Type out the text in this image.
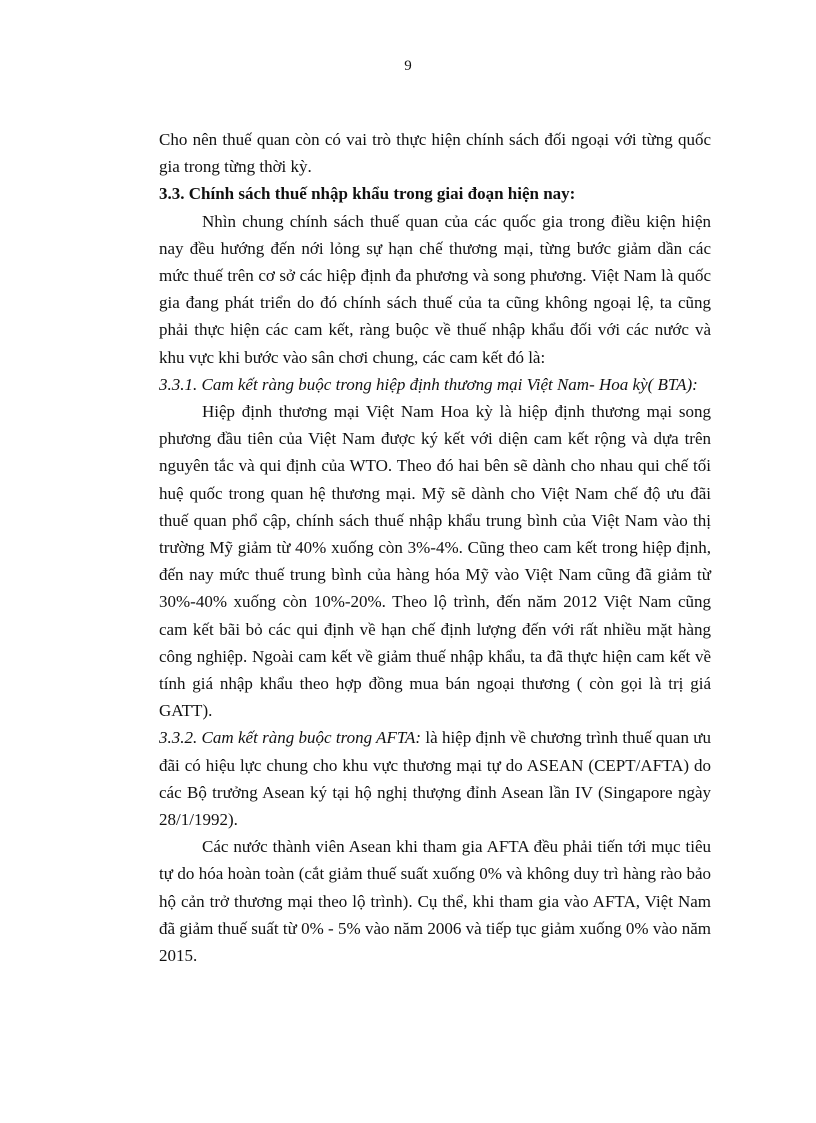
9

Cho nên thuế quan còn có vai trò thực hiện chính sách đối ngoại với từng quốc gia trong từng thời kỳ.

3.3. Chính sách thuế nhập khẩu trong giai đoạn hiện nay:

Nhìn chung chính sách thuế quan của các quốc gia trong điều kiện hiện nay đều hướng đến nới lỏng sự hạn chế thương mại, từng bước giảm dần các mức thuế trên cơ sở các hiệp định đa phương và song phương. Việt Nam là quốc gia đang phát triển do đó chính sách thuế của ta cũng không ngoại lệ, ta cũng phải thực hiện các cam kết, ràng buộc về thuế nhập khẩu đối với các nước và khu vực khi bước vào sân chơi chung, các cam kết đó là:

3.3.1. Cam kết ràng buộc trong hiệp định thương mại Việt Nam- Hoa kỳ( BTA):

Hiệp định thương mại Việt Nam Hoa kỳ là hiệp định thương mại song phương đầu tiên của Việt Nam được ký kết với diện cam kết rộng và dựa trên nguyên tắc và qui định của WTO. Theo đó hai bên sẽ dành cho nhau qui chế tối huệ quốc trong quan hệ thương mại. Mỹ sẽ dành cho Việt Nam chế độ ưu đãi thuế quan phổ cập, chính sách thuế nhập khẩu trung bình của Việt Nam vào thị trường Mỹ giảm từ 40% xuống còn 3%-4%. Cũng theo cam kết trong hiệp định, đến nay mức thuế trung bình của hàng hóa Mỹ vào Việt Nam cũng đã giảm từ 30%-40% xuống còn 10%-20%. Theo lộ trình, đến năm 2012 Việt Nam cũng cam kết bãi bỏ các qui định về hạn chế định lượng đến với rất nhiều mặt hàng công nghiệp. Ngoài cam kết về giảm thuế nhập khẩu, ta đã thực hiện cam kết về tính giá nhập khẩu theo hợp đồng mua bán ngoại thương ( còn gọi là trị giá GATT).

3.3.2. Cam kết ràng buộc trong AFTA: là hiệp định về chương trình thuế quan ưu đãi có hiệu lực chung cho khu vực thương mại tự do ASEAN (CEPT/AFTA) do các Bộ trưởng Asean ký tại hộ nghị thượng đỉnh Asean lần IV (Singapore ngày 28/1/1992).

Các nước thành viên Asean khi tham gia AFTA đều phải tiến tới mục tiêu tự do hóa hoàn toàn (cắt giảm thuế suất xuống 0% và không duy trì hàng rào bảo hộ cản trở thương mại theo lộ trình). Cụ thể, khi tham gia vào AFTA, Việt Nam đã giảm thuế suất từ 0% - 5% vào năm 2006 và tiếp tục giảm xuống 0% vào năm 2015.
